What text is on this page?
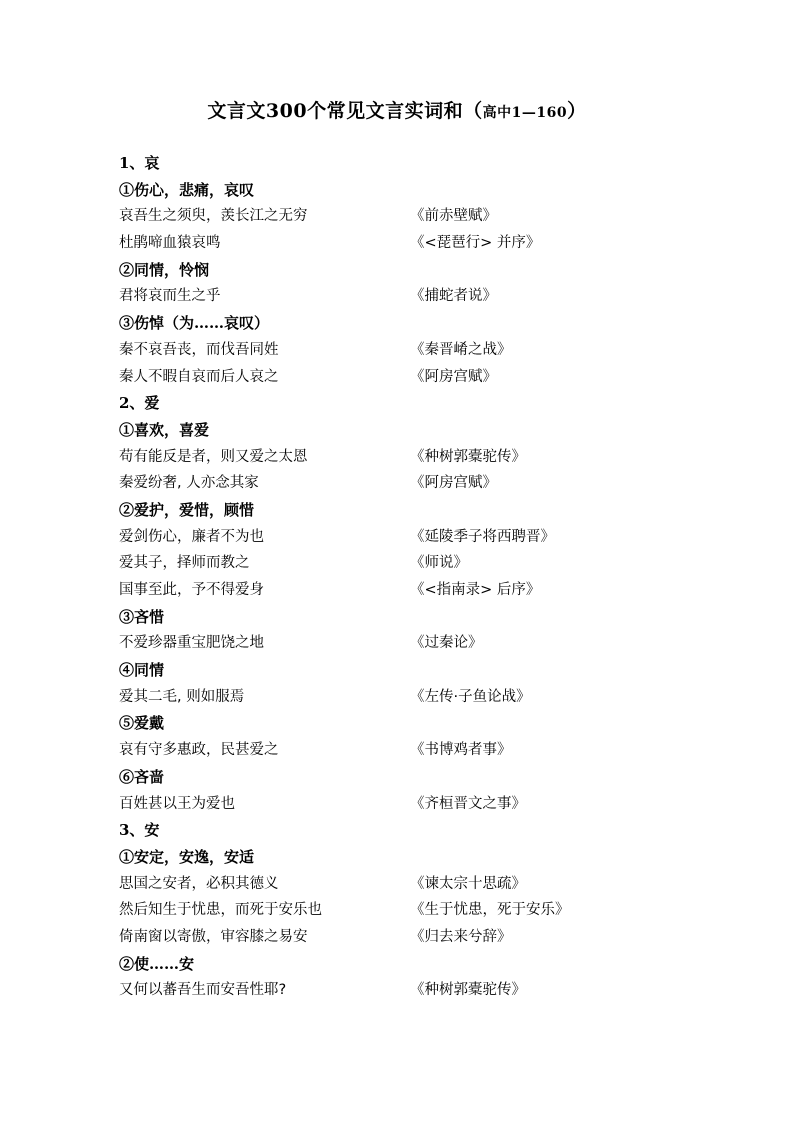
文言文300个常见文言实词和（高中1—160）
1、哀
①伤心，悲痛，哀叹
哀吾生之须臾，羡长江之无穷	《前赤壁赋》
杜鹃啼血猿哀鸣	《<琵琶行> 并序》
②同情，怜悯
君将哀而生之乎	《捕蛇者说》
③伤悼（为……哀叹）
秦不哀吾丧，而伐吾同姓	《秦晋崤之战》
秦人不暇自哀而后人哀之	《阿房宫赋》
2、爱
①喜欢，喜爱
苟有能反是者，则又爱之太恩	《种树郭橐驼传》
秦爱纷奢, 人亦念其家	《阿房宫赋》
②爱护，爱惜，顾惜
爱剑伤心，廉者不为也	《延陵季子将西聘晋》
爱其子，择师而教之	《师说》
国事至此，予不得爱身	《<指南录> 后序》
③吝惜
不爱珍器重宝肥饶之地	《过秦论》
④同情
爱其二毛, 则如服焉	《左传·子鱼论战》
⑤爱戴
哀有守多惠政，民甚爱之	《书博鸡者事》
⑥吝啬
百姓甚以王为爱也	《齐桓晋文之事》
3、安
①安定，安逸，安适
思国之安者，必积其德义	《谏太宗十思疏》
然后知生于忧患，而死于安乐也	《生于忧患，死于安乐》
倚南窗以寄傲，审容膝之易安	《归去来兮辞》
②使……安
又何以蕃吾生而安吾性耶?	《种树郭橐驼传》
